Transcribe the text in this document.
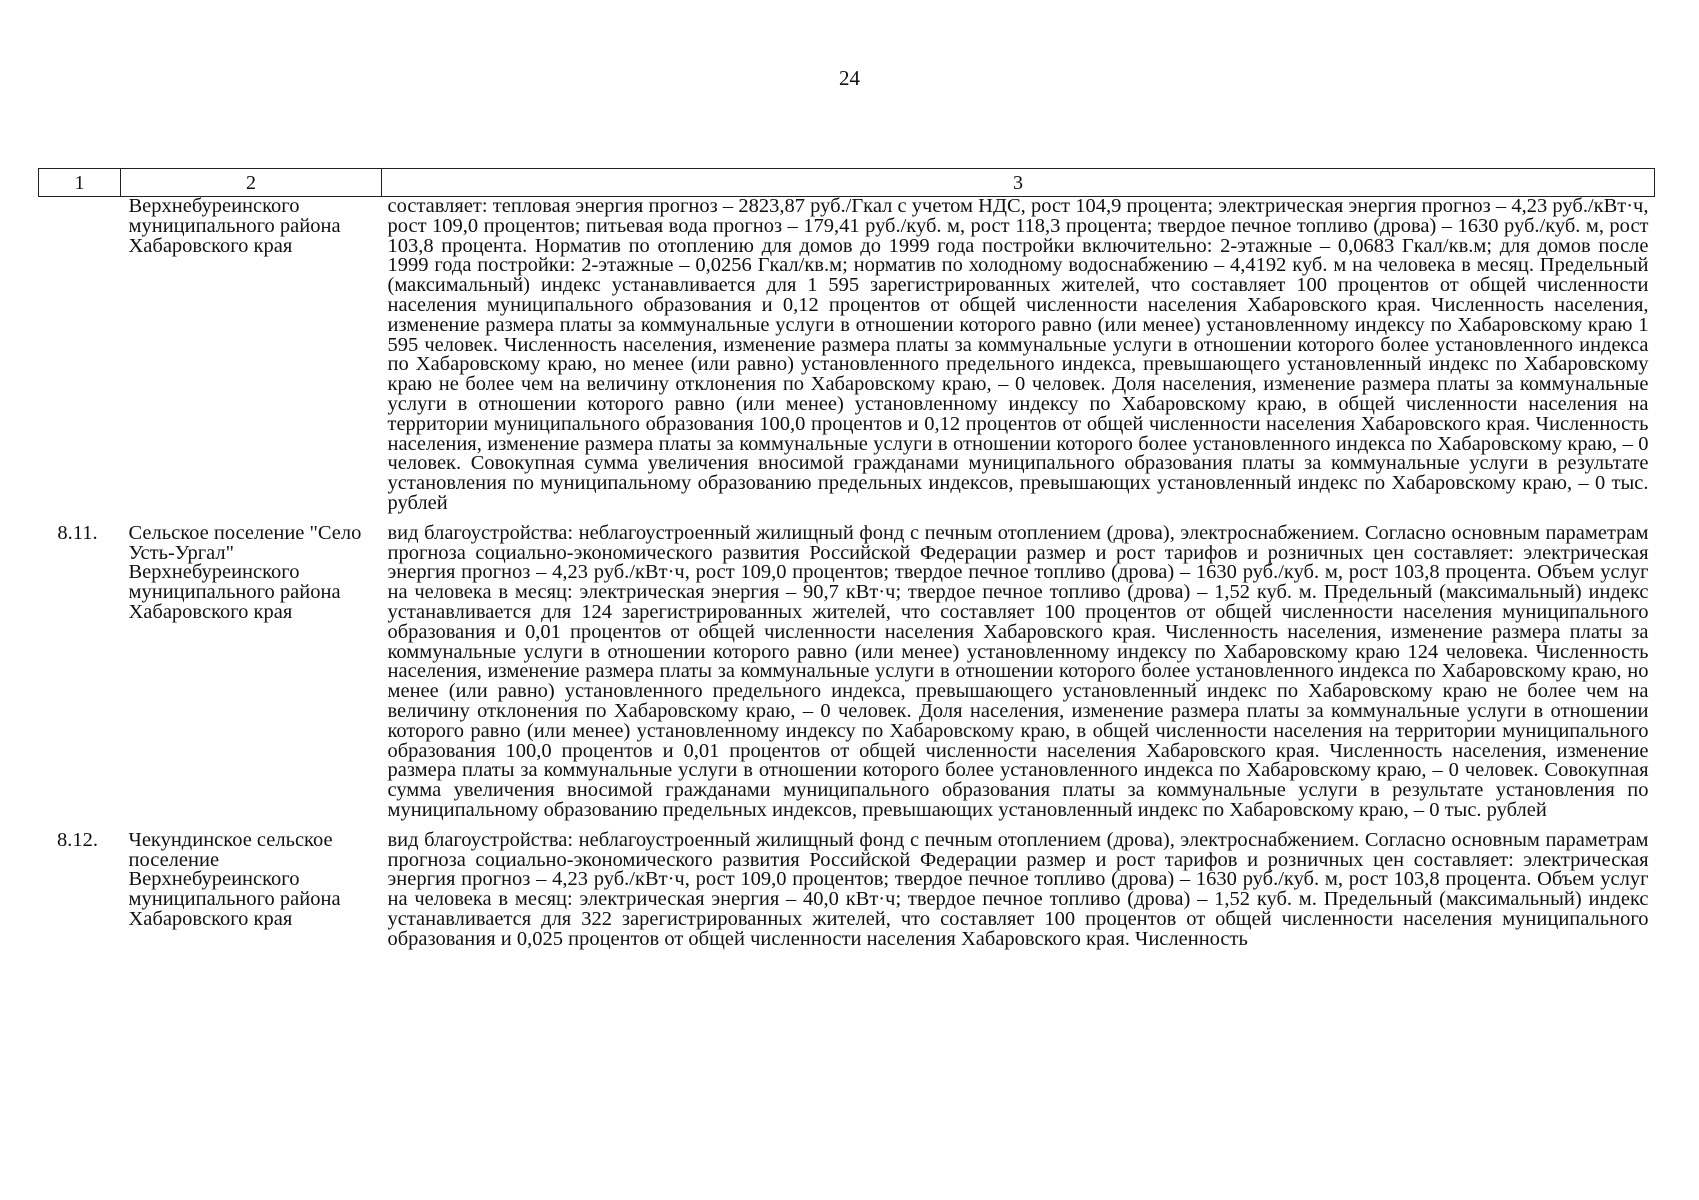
24
1	2	3
	Верхнебуреинского муниципального района Хабаровского края	составляет: тепловая энергия прогноз – 2823,87 руб./Гкал с учетом НДС, рост 104,9 процента; электрическая энергия прогноз – 4,23 руб./кВт·ч, рост 109,0 процентов; питьевая вода прогноз – 179,41 руб./куб. м, рост 118,3 процента; твердое печное топливо (дрова) – 1630 руб./куб. м, рост 103,8 процента. Норматив по отоплению для домов до 1999 года постройки включительно: 2-этажные – 0,0683 Гкал/кв.м; для домов после 1999 года постройки: 2-этажные – 0,0256 Гкал/кв.м; норматив по холодному водоснабжению – 4,4192 куб. м на человека в месяц. Предельный (максимальный) индекс устанавливается для 1 595 зарегистрированных жителей, что составляет 100 процентов от общей численности населения муниципального образования и 0,12 процентов от общей численности населения Хабаровского края. Численность населения, изменение размера платы за коммунальные услуги в отношении которого равно (или менее) установленному индексу по Хабаровскому краю 1 595 человек. Численность населения, изменение размера платы за коммунальные услуги в отношении которого более установленного индекса по Хабаровскому краю, но менее (или равно) установленного предельного индекса, превышающего установленный индекс по Хабаровскому краю не более чем на величину отклонения по Хабаровскому краю, – 0 человек. Доля населения, изменение размера платы за коммунальные услуги в отношении которого равно (или менее) установленному индексу по Хабаровскому краю, в общей численности населения на территории муниципального образования 100,0 процентов и 0,12 процентов от общей численности населения Хабаровского края. Численность населения, изменение размера платы за коммунальные услуги в отношении которого более установленного индекса по Хабаровскому краю, – 0 человек. Совокупная сумма увеличения вносимой гражданами муниципального образования платы за коммунальные услуги в результате установления по муниципальному образованию предельных индексов, превышающих установленный индекс по Хабаровскому краю, – 0 тыс. рублей
8.11.	Сельское поселение "Село Усть-Ургал" Верхнебуреинского муниципального района Хабаровского края	вид благоустройства: неблагоустроенный жилищный фонд с печным отоплением (дрова), электроснабжением. Согласно основным параметрам прогноза социально-экономического развития Российской Федерации размер и рост тарифов и розничных цен составляет: электрическая энергия прогноз – 4,23 руб./кВт·ч, рост 109,0 процентов; твердое печное топливо (дрова) – 1630 руб./куб. м, рост 103,8 процента. Объем услуг на человека в месяц: электрическая энергия – 90,7 кВт·ч; твердое печное топливо (дрова) – 1,52 куб. м. Предельный (максимальный) индекс устанавливается для 124 зарегистрированных жителей, что составляет 100 процентов от общей численности населения муниципального образования и 0,01 процентов от общей численности населения Хабаровского края. Численность населения, изменение размера платы за коммунальные услуги в отношении которого равно (или менее) установленному индексу по Хабаровскому краю 124 человека. Численность населения, изменение размера платы за коммунальные услуги в отношении которого более установленного индекса по Хабаровскому краю, но менее (или равно) установленного предельного индекса, превышающего установленный индекс по Хабаровскому краю не более чем на величину отклонения по Хабаровскому краю, – 0 человек. Доля населения, изменение размера платы за коммунальные услуги в отношении которого равно (или менее) установленному индексу по Хабаровскому краю, в общей численности населения на территории муниципального образования 100,0 процентов и 0,01 процентов от общей численности населения Хабаровского края. Численность населения, изменение размера платы за коммунальные услуги в отношении которого более установленного индекса по Хабаровскому краю, – 0 человек. Совокупная сумма увеличения вносимой гражданами муниципального образования платы за коммунальные услуги в результате установления по муниципальному образованию предельных индексов, превышающих установленный индекс по Хабаровскому краю, – 0 тыс. рублей
8.12.	Чекундинское сельское поселение Верхнебуреинского муниципального района Хабаровского края	вид благоустройства: неблагоустроенный жилищный фонд с печным отоплением (дрова), электроснабжением. Согласно основным параметрам прогноза социально-экономического развития Российской Федерации размер и рост тарифов и розничных цен составляет: электрическая энергия прогноз – 4,23 руб./кВт·ч, рост 109,0 процентов; твердое печное топливо (дрова) – 1630 руб./куб. м, рост 103,8 процента. Объем услуг на человека в месяц: электрическая энергия – 40,0 кВт·ч; твердое печное топливо (дрова) – 1,52 куб. м. Предельный (максимальный) индекс устанавливается для 322 зарегистрированных жителей, что составляет 100 процентов от общей численности населения муниципального образования и 0,025 процентов от общей численности населения Хабаровского края. Численность
